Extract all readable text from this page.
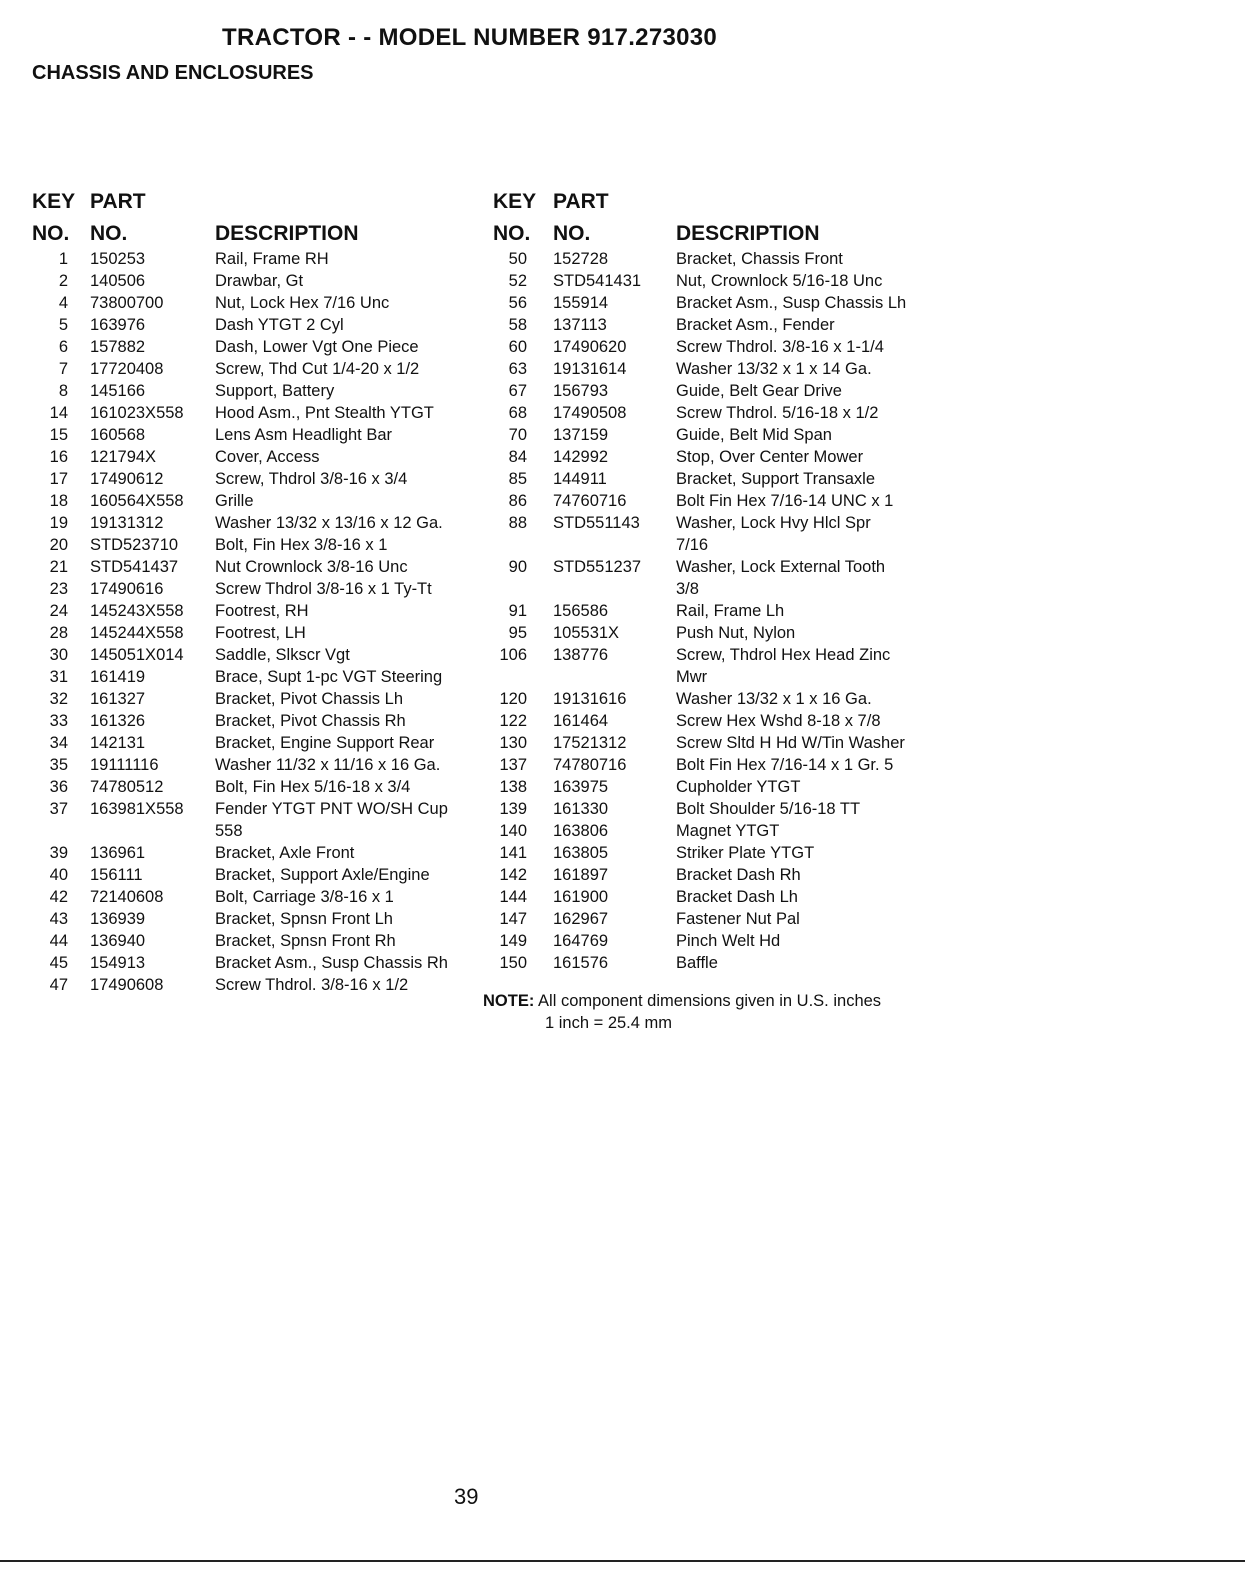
TRACTOR - - MODEL NUMBER 917.273030
CHASSIS AND ENCLOSURES
KEY
NO.
PART
NO.	DESCRIPTION
1 150253	Rail, Frame RH
2 140506	Drawbar, Gt
4 73800700	Nut, Lock Hex 7/16 Unc
5 163976	Dash YTGT 2 Cyl
6 157882	Dash, Lower Vgt One Piece
7 17720408	Screw, Thd Cut 1/4-20 x 1/2
8 145166	Support, Battery
14 161023X558 Hood Asm., Pnt Stealth YTGT
15 160568	Lens Asm Headlight Bar
16 121794X	Cover, Access
17 17490612	Screw, Thdrol 3/8-16 x 3/4
18 160564X558 Grille
19 19131312	Washer 13/32 x 13/16 x 12 Ga.
20 STD523710 Bolt, Fin Hex 3/8-16 x 1
21 STD541437 Nut Crownlock 3/8-16 Unc
23 17490616	Screw Thdrol 3/8-16 x 1 Ty-Tt
24 145243X558 Footrest, RH
28 145244X558 Footrest, LH
30 145051X014 Saddle, Slkscr Vgt
31 161419	Brace, Supt 1-pc VGT Steering
32 161327	Bracket, Pivot Chassis Lh
33 161326	Bracket, Pivot Chassis Rh
34 142131	Bracket, Engine Support Rear
35 19111116	Washer 11/32 x 11/16 x 16 Ga.
36 74780512	Bolt, Fin Hex 5/16-18 x 3/4
37 163981X558 Fender YTGT PNT WO/SH Cup
558
39 136961	Bracket, Axle Front
40 156111	Bracket, Support Axle/Engine
42 72140608	Bolt, Carriage 3/8-16 x 1
43 136939	Bracket, Spnsn Front Lh
44 136940	Bracket, Spnsn Front Rh
45 154913	Bracket Asm., Susp Chassis Rh
47 17490608	Screw Thdrol. 3/8-16 x 1/2
KEY
NO.
PART
NO.	DESCRIPTION
50 152728	Bracket, Chassis Front
52 STD541431 Nut, Crownlock 5/16-18 Unc
56 155914	Bracket Asm., Susp Chassis Lh
58 137113	Bracket Asm., Fender
60 17490620	Screw Thdrol. 3/8-16 x 1-1/4
63 19131614	Washer 13/32 x 1 x 14 Ga.
67 156793	Guide, Belt Gear Drive
68 17490508	Screw Thdrol. 5/16-18 x 1/2
70 137159	Guide, Belt Mid Span
84 142992	Stop, Over Center Mower
85 144911	Bracket, Support Transaxle
86 74760716	Bolt Fin Hex 7/16-14 UNC x 1
88 STD551143 Washer, Lock Hvy Hlcl Spr
7/16
90 STD551237 Washer, Lock External Tooth
3/8
91 156586	Rail, Frame Lh
95 105531X	Push Nut, Nylon
106 138776	Screw, Thdrol Hex Head Zinc
Mwr
120 19131616	Washer 13/32 x 1 x 16 Ga.
122 161464	Screw Hex Wshd 8-18 x 7/8
130 17521312	Screw Sltd H Hd W/Tin Washer
137 74780716	Bolt Fin Hex 7/16-14 x 1 Gr. 5
138 163975	Cupholder YTGT
139 161330	Bolt Shoulder 5/16-18 TT
140 163806	Magnet YTGT
141 163805	Striker Plate YTGT
142 161897	Bracket Dash Rh
144 161900	Bracket Dash Lh
147 162967	Fastener Nut Pal
149 164769	Pinch Welt Hd
150 161576	Baffle
NOTE: All component dimensions given in U.S. inches
1 inch = 25.4 mm
39
